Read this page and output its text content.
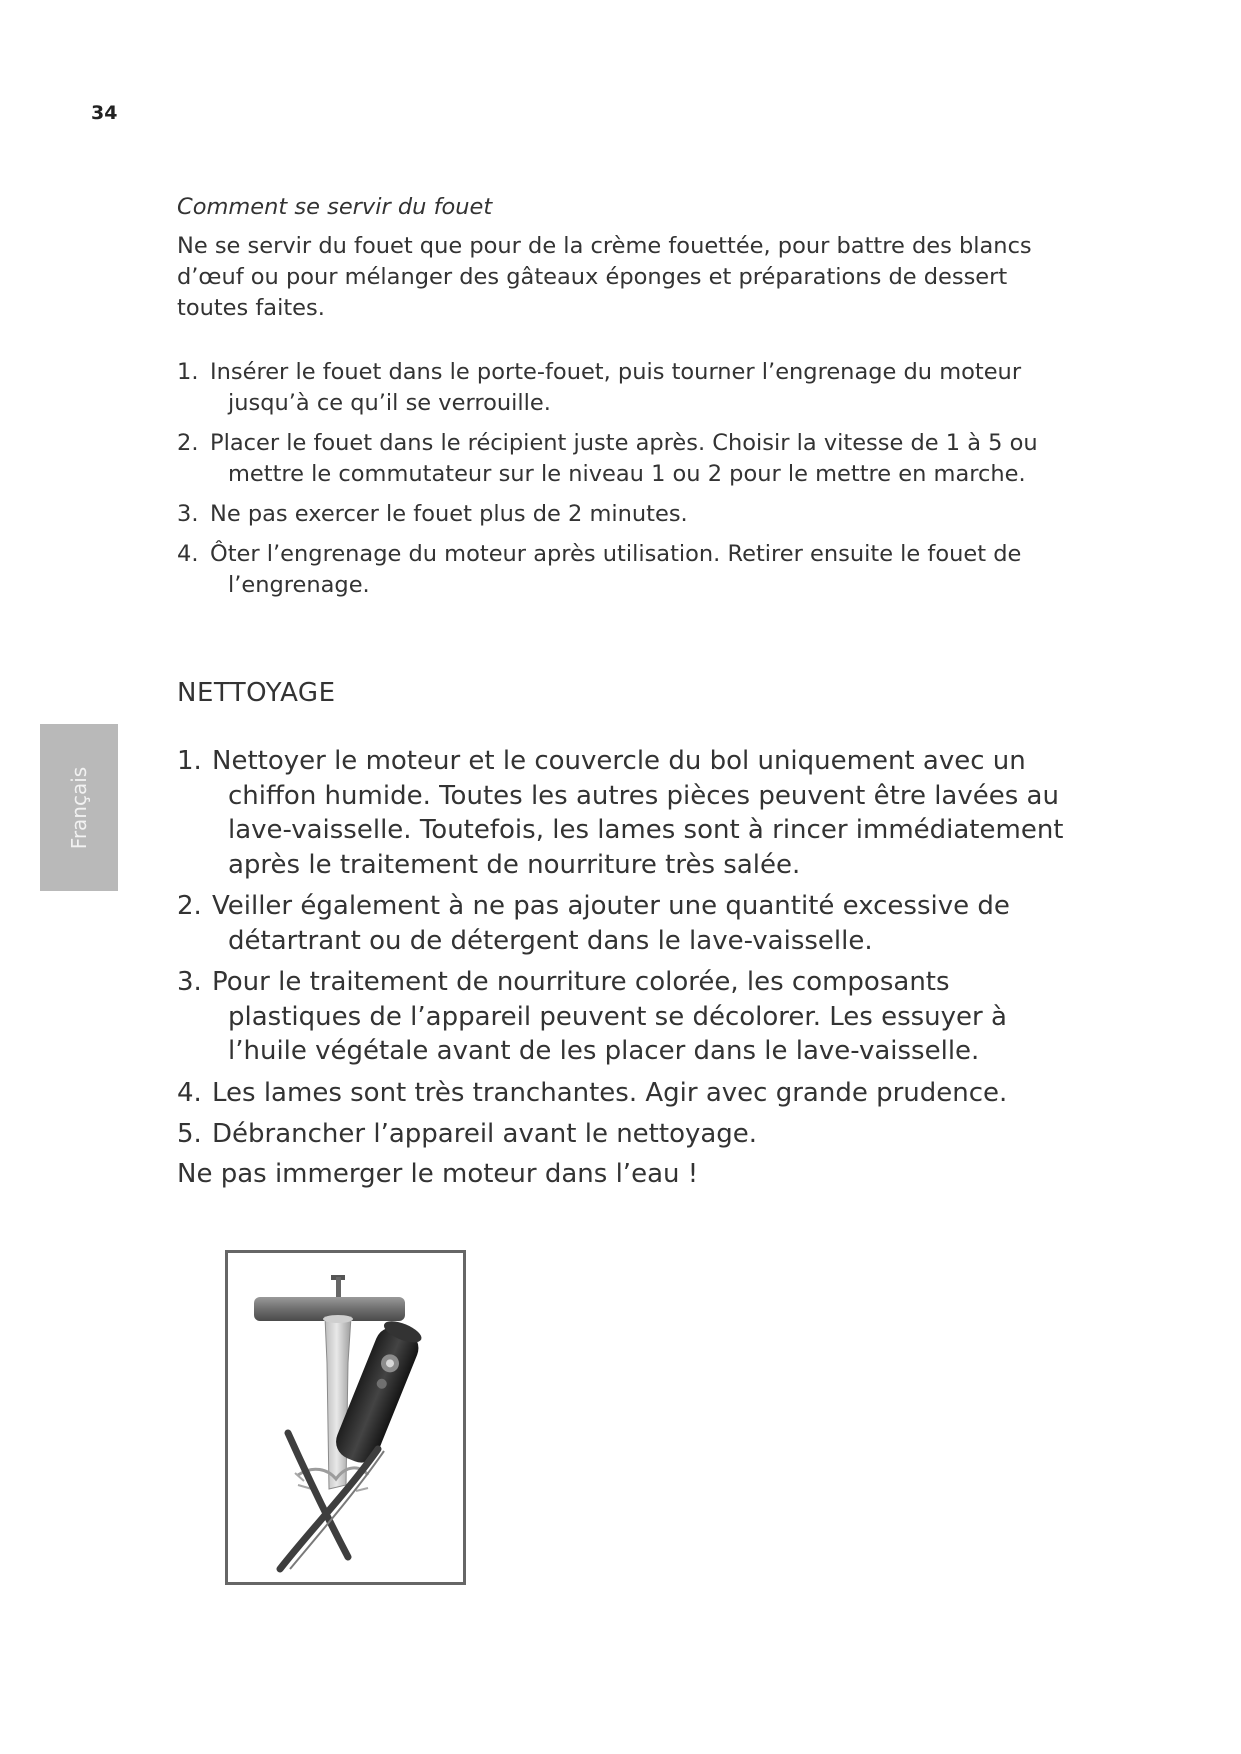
34
Français
Comment se servir du fouet
Ne se servir du fouet que pour de la crème fouettée, pour battre des blancs d’œuf ou pour mélanger des gâteaux éponges et préparations de dessert toutes faites.
1. Insérer le fouet dans le porte-fouet, puis tourner l’engrenage du moteur jusqu’à ce qu’il se verrouille.
2. Placer le fouet dans le récipient juste après. Choisir la vitesse de 1 à 5 ou mettre le commutateur sur le niveau 1 ou 2 pour le mettre en marche.
3. Ne pas exercer le fouet plus de 2 minutes.
4. Ôter l’engrenage du moteur après utilisation. Retirer ensuite le fouet de l’engrenage.
NETTOYAGE
1. Nettoyer le moteur et le couvercle du bol uniquement avec un chiffon humide. Toutes les autres pièces peuvent être lavées au lave-vaisselle. Toutefois, les lames sont à rincer immédiatement après le traitement de nourriture très salée.
2. Veiller également à ne pas ajouter une quantité excessive de détartrant ou de détergent dans le lave-vaisselle.
3. Pour le traitement de nourriture colorée, les composants plastiques de l’appareil peuvent se décolorer. Les essuyer à l’huile végétale avant de les placer dans le lave-vaisselle.
4. Les lames sont très tranchantes. Agir avec grande prudence.
5. Débrancher l’appareil avant le nettoyage.
Ne pas immerger le moteur dans l’eau !
